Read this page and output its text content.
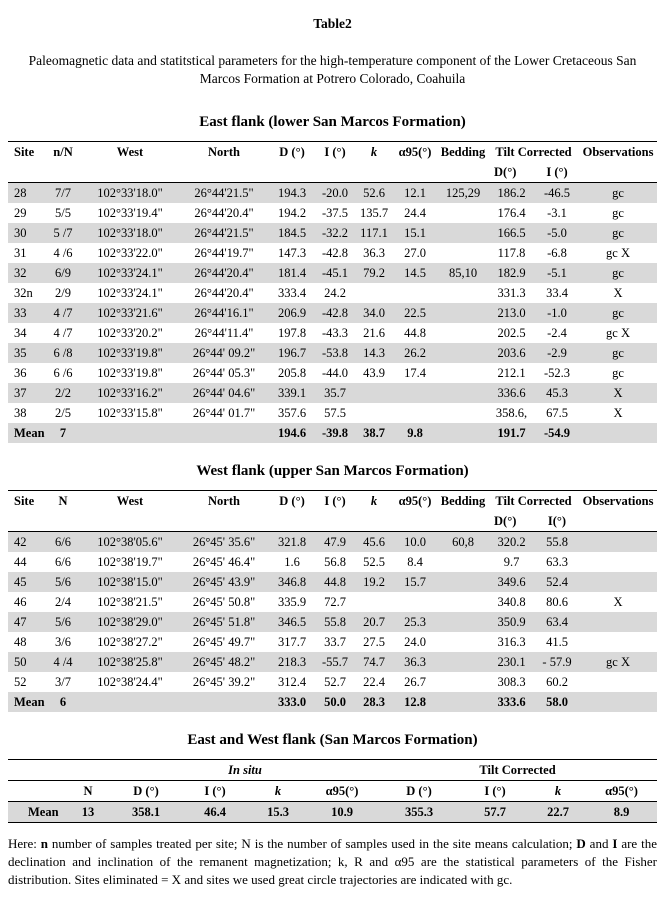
Table2
Paleomagnetic data and statitstical parameters for the high-temperature component of the Lower Cretaceous San Marcos Formation at Potrero Colorado, Coahuila
East flank (lower San Marcos Formation)
Site	n/N	West	North	D (°)	I (°)	k	α95(°)	Bedding	Tilt Corrected		Observations
									D(°)	I (°)	
28	7/7	102°33'18.0"	26°44'21.5"	194.3	-20.0	52.6	12.1	125,29	186.2	-46.5	gc
29	5/5	102°33'19.4"	26°44'20.4"	194.2	-37.5	135.7	24.4		176.4	-3.1	gc
30	5 /7	102°33'18.0"	26°44'21.5"	184.5	-32.2	117.1	15.1		166.5	-5.0	gc
31	4 /6	102°33'22.0"	26°44'19.7"	147.3	-42.8	36.3	27.0		117.8	-6.8	gc X
32	6/9	102°33'24.1"	26°44'20.4"	181.4	-45.1	79.2	14.5	85,10	182.9	-5.1	gc
32n	2/9	102°33'24.1"	26°44'20.4"	333.4	24.2				331.3	33.4	X
33	4 /7	102°33'21.6"	26°44'16.1"	206.9	-42.8	34.0	22.5		213.0	-1.0	gc
34	4 /7	102°33'20.2"	26°44'11.4"	197.8	-43.3	21.6	44.8		202.5	-2.4	gc X
35	6 /8	102°33'19.8"	26°44' 09.2"	196.7	-53.8	14.3	26.2		203.6	-2.9	gc
36	6 /6	102°33'19.8"	26°44' 05.3"	205.8	-44.0	43.9	17.4		212.1	-52.3	gc
37	2/2	102°33'16.2"	26°44' 04.6"	339.1	35.7				336.6	45.3	X
38	2/5	102°33'15.8"	26°44' 01.7"	357.6	57.5				358.6,	67.5	X
Mean	7			194.6	-39.8	38.7	9.8		191.7	-54.9	
West flank (upper San Marcos Formation)
Site	N	West	North	D (°)	I (°)	k	α95(°)	Bedding	Tilt Corrected		Observations
									D(°)	I(°)	
42	6/6	102°38'05.6"	26°45' 35.6"	321.8	47.9	45.6	10.0	60,8	320.2	55.8	
44	6/6	102°38'19.7"	26°45' 46.4"	1.6	56.8	52.5	8.4		9.7	63.3	
45	5/6	102°38'15.0"	26°45' 43.9"	346.8	44.8	19.2	15.7		349.6	52.4	
46	2/4	102°38'21.5"	26°45' 50.8"	335.9	72.7				340.8	80.6	X
47	5/6	102°38'29.0"	26°45' 51.8"	346.5	55.8	20.7	25.3		350.9	63.4	
48	3/6	102°38'27.2"	26°45' 49.7"	317.7	33.7	27.5	24.0		316.3	41.5	
50	4 /4	102°38'25.8"	26°45' 48.2"	218.3	-55.7	74.7	36.3		230.1	- 57.9	gc X
52	3/7	102°38'24.4"	26°45' 39.2"	312.4	52.7	22.4	26.7		308.3	60.2	
Mean	6			333.0	50.0	28.3	12.8		333.6	58.0	
East and West flank (San Marcos Formation)
		In situ				Tilt Corrected			
	N	D (°)	I (°)	k	α95(°)	D (°)	I (°)	k	α95(°)
Mean	13	358.1	46.4	15.3	10.9	355.3	57.7	22.7	8.9
Here: n number of samples treated per site; N is the number of samples used in the site means calculation; D and I are the declination and inclination of the remanent magnetization; k, R and α95 are the statistical parameters of the Fisher distribution. Sites eliminated = X and sites we used great circle trajectories are indicated with gc.
